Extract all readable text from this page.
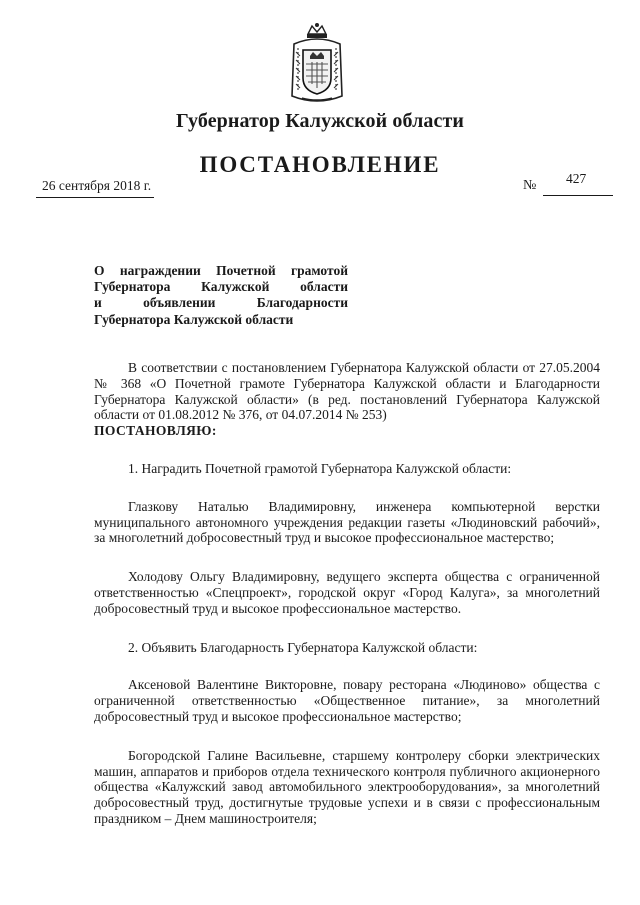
Губернатор Калужской области
ПОСТАНОВЛЕНИЕ
26 сентября 2018 г.	№ 427
О награждении Почетной грамотой
Губернатора Калужской области
и объявлении Благодарности
Губернатора Калужской области

В соответствии с постановлением Губернатора Калужской области от 27.05.2004 № 368 «О Почетной грамоте Губернатора Калужской области и Благодарности Губернатора Калужской области» (в ред. постановлений Губернатора Калужской области от 01.08.2012 № 376, от 04.07.2014 № 253)

ПОСТАНОВЛЯЮ:

1. Наградить Почетной грамотой Губернатора Калужской области:

Глазкову Наталью Владимировну, инженера компьютерной верстки муниципального автономного учреждения редакции газеты «Людиновский рабочий», за многолетний добросовестный труд и высокое профессиональное мастерство;

Холодову Ольгу Владимировну, ведущего эксперта общества с ограниченной ответственностью «Спецпроект», городской округ «Город Калуга», за многолетний добросовестный труд и высокое профессиональное мастерство.

2. Объявить Благодарность Губернатора Калужской области:

Аксеновой Валентине Викторовне, повару ресторана «Людиново» общества с ограниченной ответственностью «Общественное питание», за многолетний добросовестный труд и высокое профессиональное мастерство;

Богородской Галине Васильевне, старшему контролеру сборки электрических машин, аппаратов и приборов отдела технического контроля публичного акционерного общества «Калужский завод автомобильного электрооборудования», за многолетний добросовестный труд, достигнутые трудовые успехи и в связи с профессиональным праздником – Днем машиностроителя;
